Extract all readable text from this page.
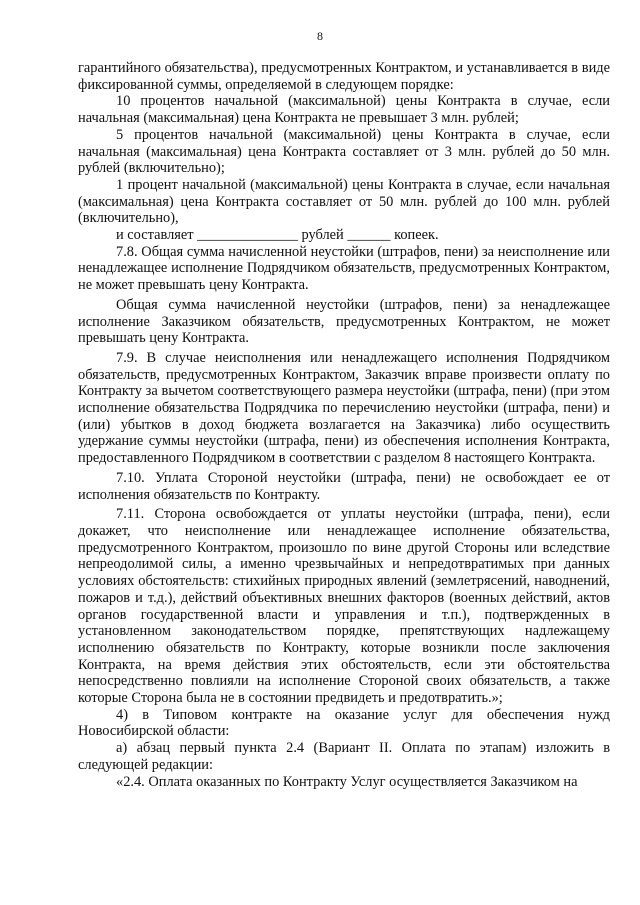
8

гарантийного обязательства), предусмотренных Контрактом, и устанавливается в виде фиксированной суммы, определяемой в следующем порядке:

10 процентов начальной (максимальной) цены Контракта в случае, если начальная (максимальная) цена Контракта не превышает 3 млн. рублей;

5 процентов начальной (максимальной) цены Контракта в случае, если начальная (максимальная) цена Контракта составляет от 3 млн. рублей до 50 млн. рублей (включительно);

1 процент начальной (максимальной) цены Контракта в случае, если начальная (максимальная) цена Контракта составляет от 50 млн. рублей до 100 млн. рублей (включительно),

и составляет ______________ рублей ______ копеек.

7.8. Общая сумма начисленной неустойки (штрафов, пени) за неисполнение или ненадлежащее исполнение Подрядчиком обязательств, предусмотренных Контрактом, не может превышать цену Контракта.

Общая сумма начисленной неустойки (штрафов, пени) за ненадлежащее исполнение Заказчиком обязательств, предусмотренных Контрактом, не может превышать цену Контракта.

7.9. В случае неисполнения или ненадлежащего исполнения Подрядчиком обязательств, предусмотренных Контрактом, Заказчик вправе произвести оплату по Контракту за вычетом соответствующего размера неустойки (штрафа, пени) (при этом исполнение обязательства Подрядчика по перечислению неустойки (штрафа, пени) и (или) убытков в доход бюджета возлагается на Заказчика) либо осуществить удержание суммы неустойки (штрафа, пени) из обеспечения исполнения Контракта, предоставленного Подрядчиком в соответствии с разделом 8 настоящего Контракта.

7.10. Уплата Стороной неустойки (штрафа, пени) не освобождает ее от исполнения обязательств по Контракту.

7.11. Сторона освобождается от уплаты неустойки (штрафа, пени), если докажет, что неисполнение или ненадлежащее исполнение обязательства, предусмотренного Контрактом, произошло по вине другой Стороны или вследствие непреодолимой силы, а именно чрезвычайных и непредотвратимых при данных условиях обстоятельств: стихийных природных явлений (землетрясений, наводнений, пожаров и т.д.), действий объективных внешних факторов (военных действий, актов органов государственной власти и управления и т.п.), подтвержденных в установленном законодательством порядке, препятствующих надлежащему исполнению обязательств по Контракту, которые возникли после заключения Контракта, на время действия этих обстоятельств, если эти обстоятельства непосредственно повлияли на исполнение Стороной своих обязательств, а также которые Сторона была не в состоянии предвидеть и предотвратить.»;

4) в Типовом контракте на оказание услуг для обеспечения нужд Новосибирской области:

а) абзац первый пункта 2.4 (Вариант II. Оплата по этапам) изложить в следующей редакции:

«2.4. Оплата оказанных по Контракту Услуг осуществляется Заказчиком на
